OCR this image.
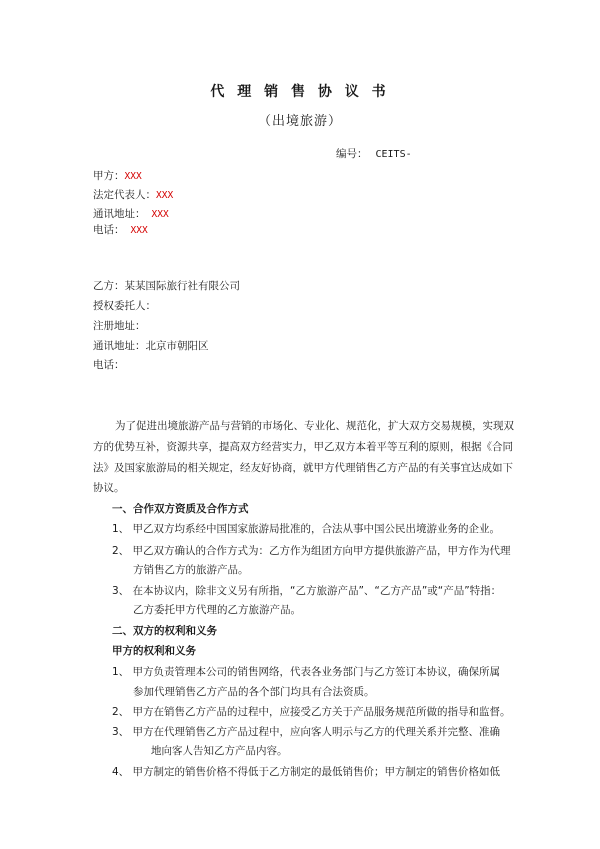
代 理 销 售 协 议 书
（出境旅游）
编号： CEITS-
甲方：XXX
法定代表人：XXX
通讯地址： XXX
电话： XXX
乙方：某某国际旅行社有限公司
授权委托人：
注册地址：
通讯地址：北京市朝阳区
电话：
为了促进出境旅游产品与营销的市场化、专业化、规范化，扩大双方交易规模，实现双
方的优势互补，资源共享，提高双方经营实力，甲乙双方本着平等互利的原则，根据《合同
法》及国家旅游局的相关规定，经友好协商，就甲方代理销售乙方产品的有关事宜达成如下
协议。
一、合作双方资质及合作方式
1、 甲乙双方均系经中国国家旅游局批准的，合法从事中国公民出境游业务的企业。
2、 甲乙双方确认的合作方式为：乙方作为组团方向甲方提供旅游产品，甲方作为代理
方销售乙方的旅游产品。
3、 在本协议内，除非文义另有所指，“乙方旅游产品”、“乙方产品”或“产品”特指：
乙方委托甲方代理的乙方旅游产品。
二、双方的权利和义务
甲方的权利和义务
1、 甲方负责管理本公司的销售网络，代表各业务部门与乙方签订本协议，确保所属
参加代理销售乙方产品的各个部门均具有合法资质。
2、 甲方在销售乙方产品的过程中，应接受乙方关于产品服务规范所做的指导和监督。
3、 甲方在代理销售乙方产品过程中，应向客人明示与乙方的代理关系并完整、准确
地向客人告知乙方产品内容。
4、 甲方制定的销售价格不得低于乙方制定的最低销售价；甲方制定的销售价格如低
